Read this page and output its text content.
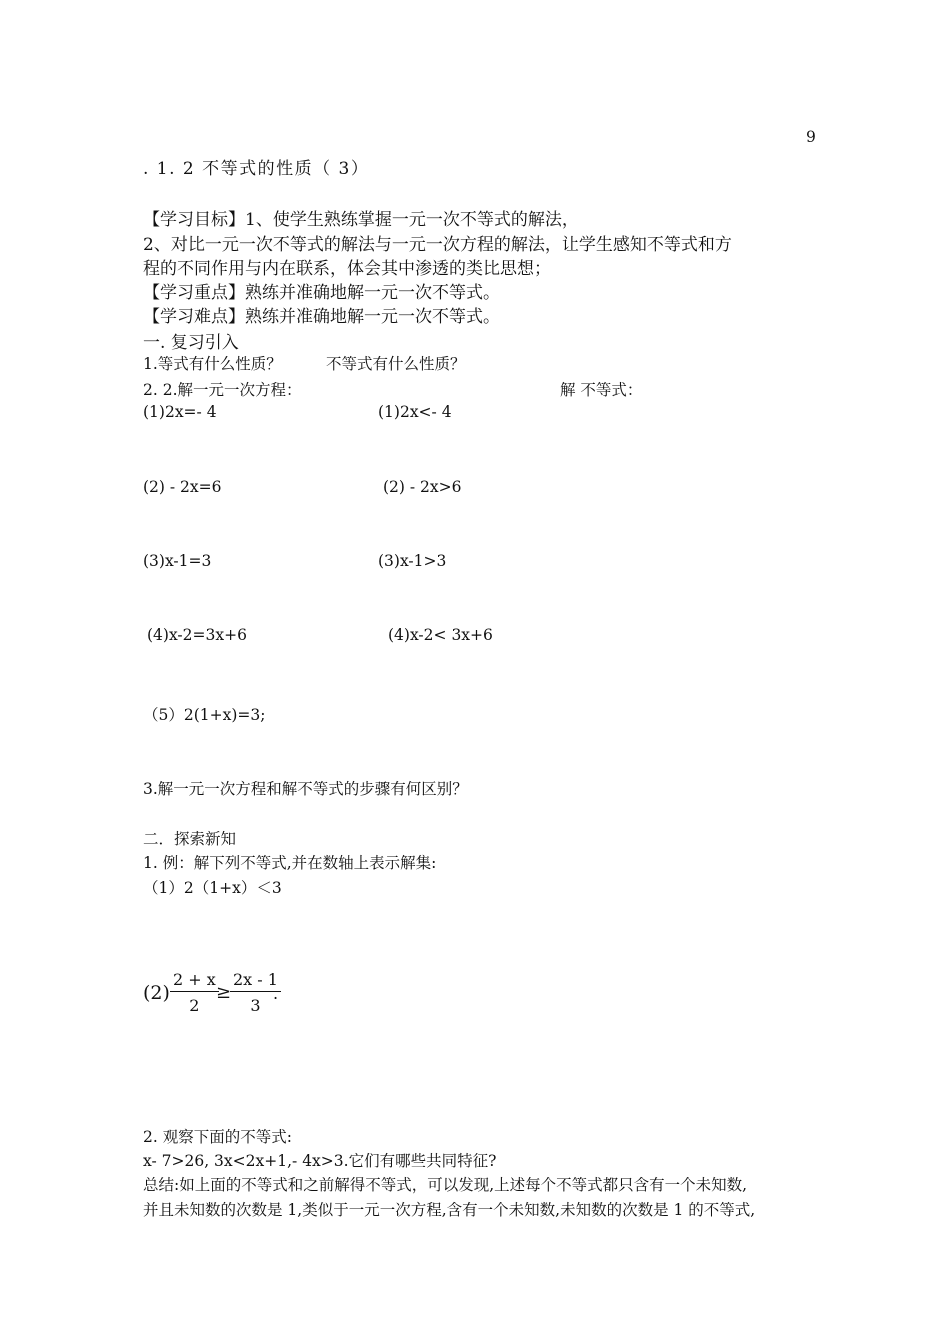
9
. 1. 2 不等式的性质（ 3）
【学习目标】1、使学生熟练掌握一元一次不等式的解法，
2、对比一元一次不等式的解法与一元一次方程的解法，让学生感知不等式和方
程的不同作用与内在联系，体会其中渗透的类比思想；
【学习重点】熟练并准确地解一元一次不等式。
【学习难点】熟练并准确地解一元一次不等式。
一. 复习引入
1.等式有什么性质？	不等式有什么性质？
2. 2.解一元一次方程：	解 不等式：
(1)2x=- 4	(1)2x<- 4
(2) - 2x=6	(2) - 2x>6
(3)x-1=3	(3)x-1>3
(4)x-2=3x+6	(4)x-2< 3x+6
（5）2(1+x)=3;
3.解一元一次方程和解不等式的步骤有何区别？
二．探索新知
1. 例：解下列不等式,并在数轴上表示解集:
（1）2（1+x）＜3
$(2) \frac{2 + x}{2}$
≥
$\frac{2x - 1}{3}$
.
2. 观察下面的不等式:
x- 7>26, 3x<2x+1,- 4x>3.它们有哪些共同特征?
总结:如上面的不等式和之前解得不等式，可以发现,上述每个不等式都只含有一个未知数,
并且未知数的次数是 1,类似于一元一次方程,含有一个未知数,未知数的次数是 1 的不等式,
